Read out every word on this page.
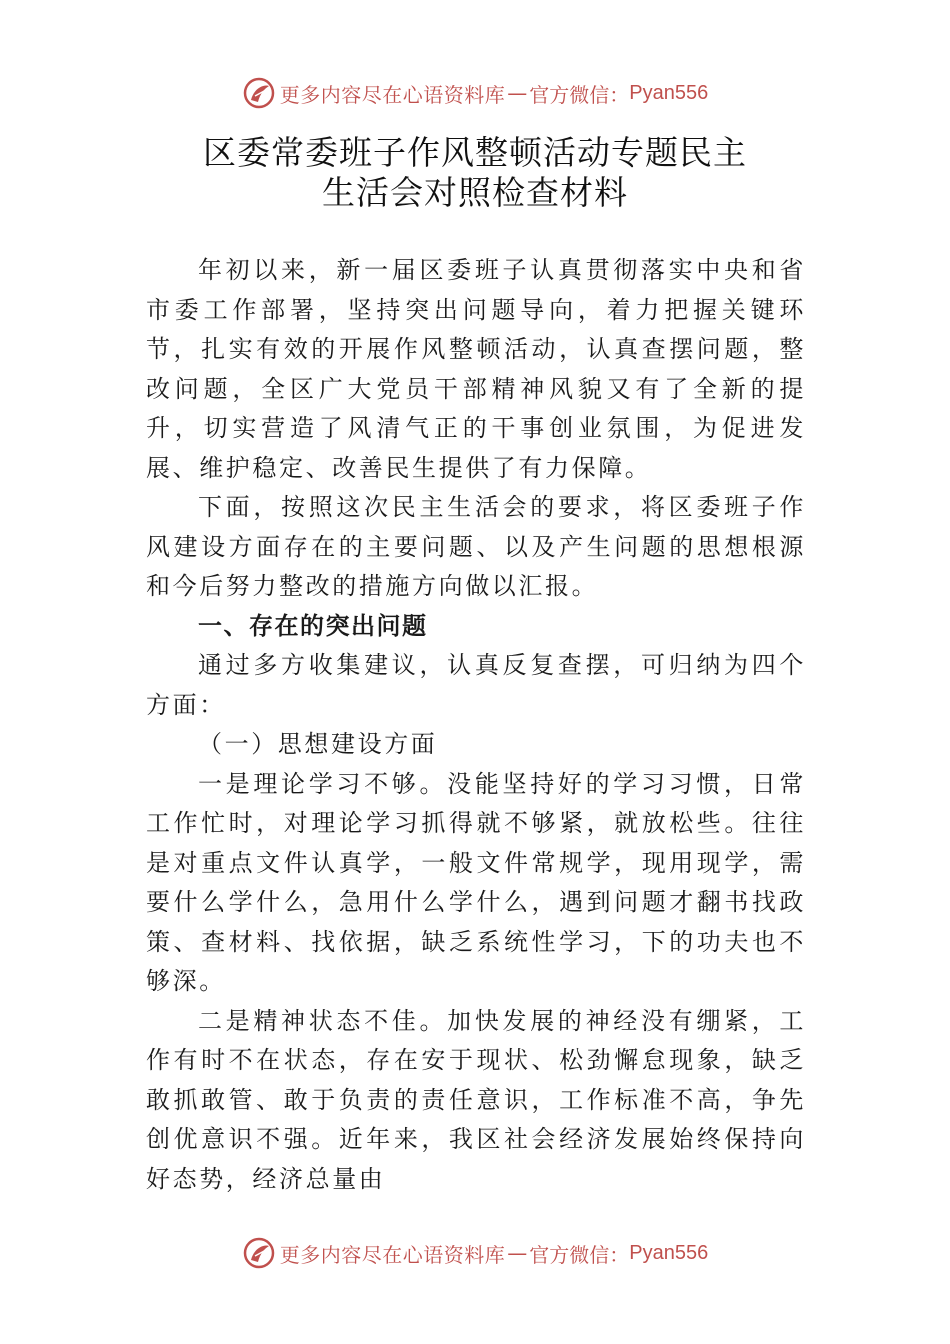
更多内容尽在心语资料库 — 官方微信： Pyan556
区委常委班子作风整顿活动专题民主
生活会对照检查材料

年初以来，新一届区委班子认真贯彻落实中央和省市委工作部署，坚持突出问题导向，着力把握关键环节，扎实有效的开展作风整顿活动，认真查摆问题，整改问题，全区广大党员干部精神风貌又有了全新的提升，切实营造了风清气正的干事创业氛围，为促进发展、维护稳定、改善民生提供了有力保障。

下面，按照这次民主生活会的要求，将区委班子作风建设方面存在的主要问题、以及产生问题的思想根源和今后努力整改的措施方向做以汇报。

一、存在的突出问题

通过多方收集建议，认真反复查摆，可归纳为四个方面：

（一）思想建设方面

一是理论学习不够。没能坚持好的学习习惯，日常工作忙时，对理论学习抓得就不够紧，就放松些。往往是对重点文件认真学，一般文件常规学，现用现学，需要什么学什么，急用什么学什么，遇到问题才翻书找政策、查材料、找依据，缺乏系统性学习，下的功夫也不够深。

二是精神状态不佳。加快发展的神经没有绷紧，工作有时不在状态，存在安于现状、松劲懈怠现象，缺乏敢抓敢管、敢于负责的责任意识，工作标准不高，争先创优意识不强。近年来，我区社会经济发展始终保持向好态势，经济总量由

更多内容尽在心语资料库 — 官方微信： Pyan556
